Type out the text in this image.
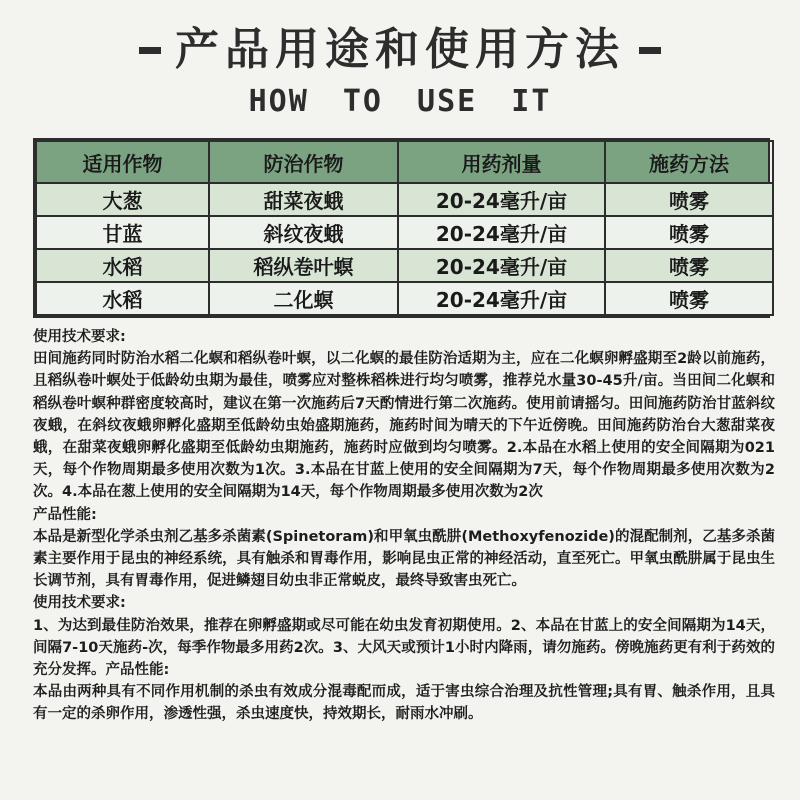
产品用途和使用方法
HOW TO USE IT
适用作物	防治作物	用药剂量	施药方法
大葱	甜菜夜蛾	20-24毫升/亩	喷雾
甘蓝	斜纹夜蛾	20-24毫升/亩	喷雾
水稻	稻纵卷叶螟	20-24毫升/亩	喷雾
水稻	二化螟	20-24毫升/亩	喷雾

使用技术要求:

田间施药同时防治水稻二化螟和稻纵卷叶螟，以二化螟的最佳防治适期为主，应在二化螟卵孵盛期至2龄以前施药，且稻纵卷叶螟处于低龄幼虫期为最佳，喷雾应对整株稻株进行均匀喷雾，推荐兑水量30-45升/亩。当田间二化螟和稻纵卷叶螟种群密度较高时，建议在第一次施药后7天酌情进行第二次施药。使用前请摇匀。田间施药防治甘蓝斜纹夜蛾，在斜纹夜蛾卵孵化盛期至低龄幼虫始盛期施药，施药时间为晴天的下午近傍晚。田间施药防治台大葱甜菜夜蛾，在甜菜夜蛾卵孵化盛期至低龄幼虫期施药，施药时应做到均匀喷雾。2.本品在水稻上使用的安全间隔期为021天，每个作物周期最多使用次数为1次。3.本品在甘蓝上使用的安全间隔期为7天，每个作物周期最多使用次数为2次。4.本品在葱上使用的安全间隔期为14天，每个作物周期最多使用次数为2次

产品性能:

本品是新型化学杀虫剂乙基多杀菌素(Spinetoram)和甲氧虫酰肼(Methoxyfenozide)的混配制剂，乙基多杀菌素主要作用于昆虫的神经系统，具有触杀和胃毒作用，影响昆虫正常的神经活动，直至死亡。甲氧虫酰肼属于昆虫生长调节剂，具有胃毒作用，促进鳞翅目幼虫非正常蜕皮，最终导致害虫死亡。

使用技术要求:

1、为达到最佳防治效果，推荐在卵孵盛期或尽可能在幼虫发育初期使用。2、本品在甘蓝上的安全间隔期为14天，间隔7-10天施药-次，每季作物最多用药2次。3、大风天或预计1小时内降雨，请勿施药。傍晚施药更有利于药效的充分发挥。产品性能:

本品由两种具有不同作用机制的杀虫有效成分混毒配而成，适于害虫综合治理及抗性管理;具有胃、触杀作用，且具有一定的杀卵作用，渗透性强，杀虫速度快，持效期长，耐雨水冲刷。
